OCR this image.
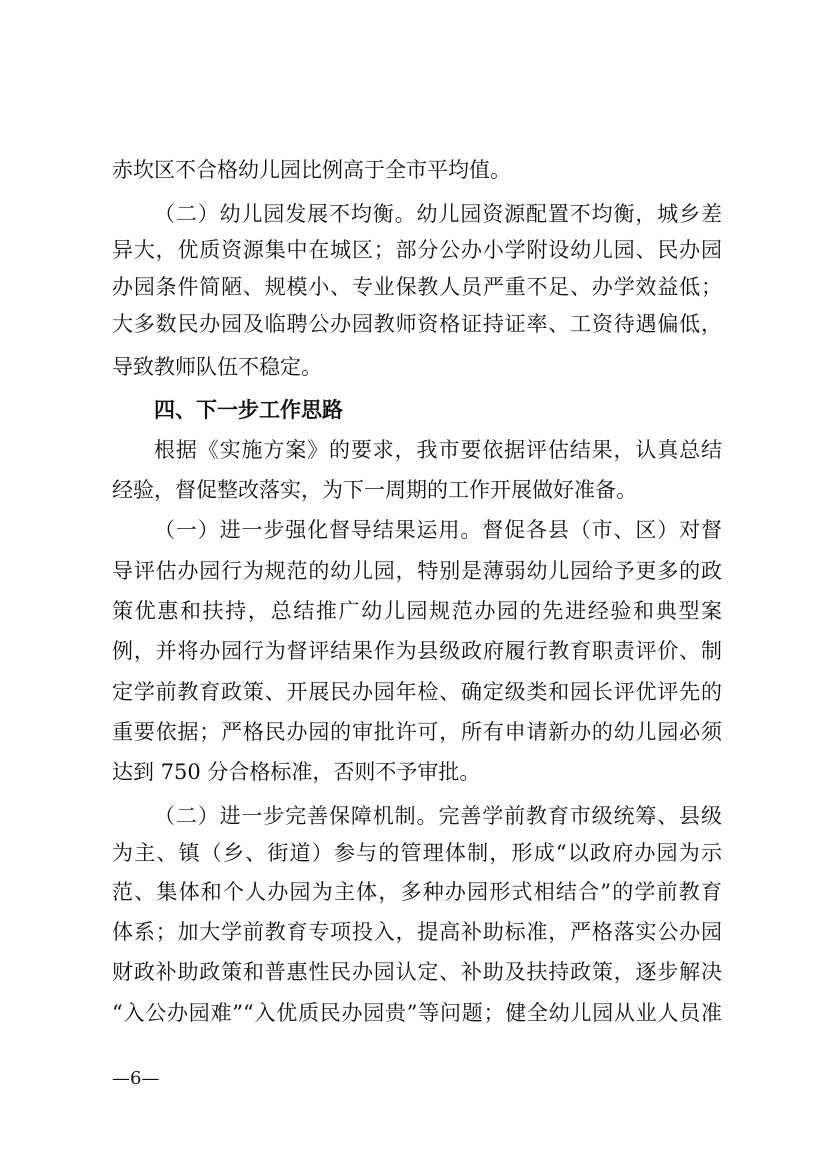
赤坎区不合格幼儿园比例高于全市平均值。
（二）幼儿园发展不均衡。幼儿园资源配置不均衡，城乡差
异大，优质资源集中在城区；部分公办小学附设幼儿园、民办园
办园条件简陋、规模小、专业保教人员严重不足、办学效益低；
大多数民办园及临聘公办园教师资格证持证率、工资待遇偏低，
导致教师队伍不稳定。
四、下一步工作思路
根据《实施方案》的要求，我市要依据评估结果，认真总结
经验，督促整改落实，为下一周期的工作开展做好准备。
（一）进一步强化督导结果运用。督促各县（市、区）对督
导评估办园行为规范的幼儿园，特别是薄弱幼儿园给予更多的政
策优惠和扶持，总结推广幼儿园规范办园的先进经验和典型案
例，并将办园行为督评结果作为县级政府履行教育职责评价、制
定学前教育政策、开展民办园年检、确定级类和园长评优评先的
重要依据；严格民办园的审批许可，所有申请新办的幼儿园必须
达到 750 分合格标准，否则不予审批。
（二）进一步完善保障机制。完善学前教育市级统筹、县级
为主、镇（乡、街道）参与的管理体制，形成“以政府办园为示
范、集体和个人办园为主体，多种办园形式相结合”的学前教育
体系；加大学前教育专项投入，提高补助标准，严格落实公办园
财政补助政策和普惠性民办园认定、补助及扶持政策，逐步解决
“入公办园难”“入优质民办园贵”等问题；健全幼儿园从业人员准
—6—
